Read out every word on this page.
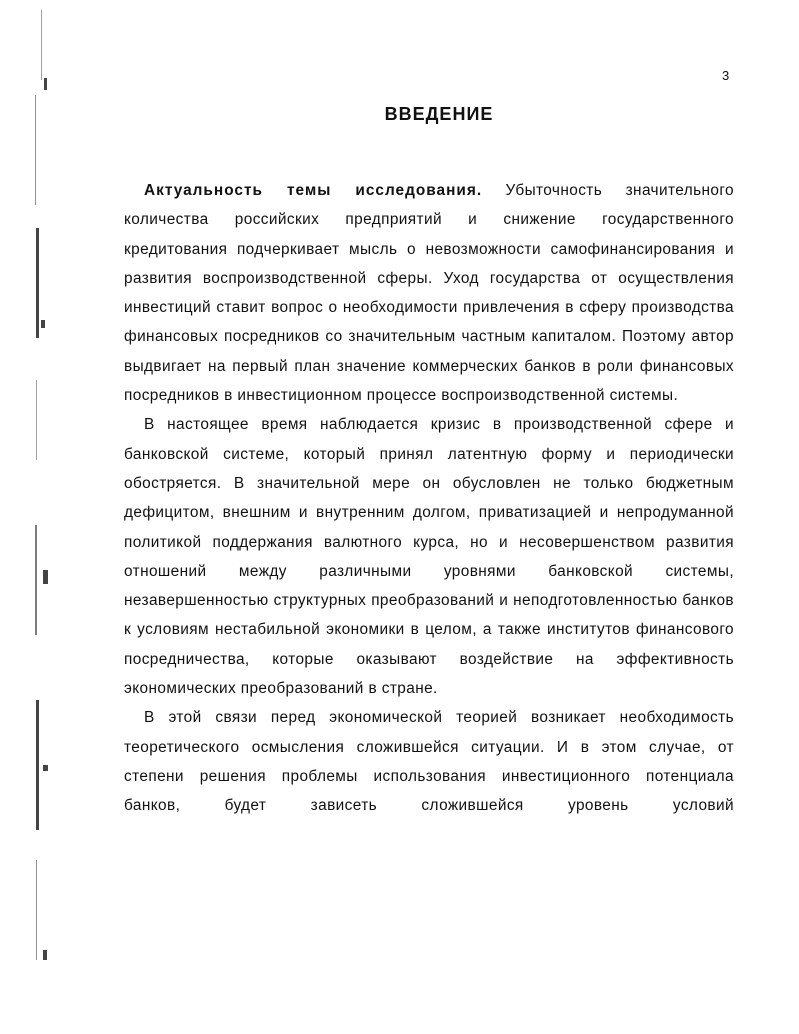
3
ВВЕДЕНИЕ

Актуальность темы исследования. Убыточность значительного количества российских предприятий и снижение государственного кредитования подчеркивает мысль о невозможности самофинансирования и развития воспроизводственной сферы. Уход государства от осуществления инвестиций ставит вопрос о необходимости привлечения в сферу производства финансовых посредников со значительным частным капиталом. Поэтому автор выдвигает на первый план значение коммерческих банков в роли финансовых посредников в инвестиционном процессе воспроизводственной системы.

В настоящее время наблюдается кризис в производственной сфере и банковской системе, который принял латентную форму и периодически обостряется. В значительной мере он обусловлен не только бюджетным дефицитом, внешним и внутренним долгом, приватизацией и непродуманной политикой поддержания валютного курса, но и несовершенством развития отношений между различными уровнями банковской системы, незавершенностью структурных преобразований и неподготовленностью банков к условиям нестабильной экономики в целом, а также институтов финансового посредничества, которые оказывают воздействие на эффективность экономических преобразований в стране.

В этой связи перед экономической теорией возникает необходимость теоретического осмысления сложившейся ситуации. И в этом случае, от степени решения проблемы использования инвестиционного потенциала банков, будет зависеть сложившейся уровень условий
